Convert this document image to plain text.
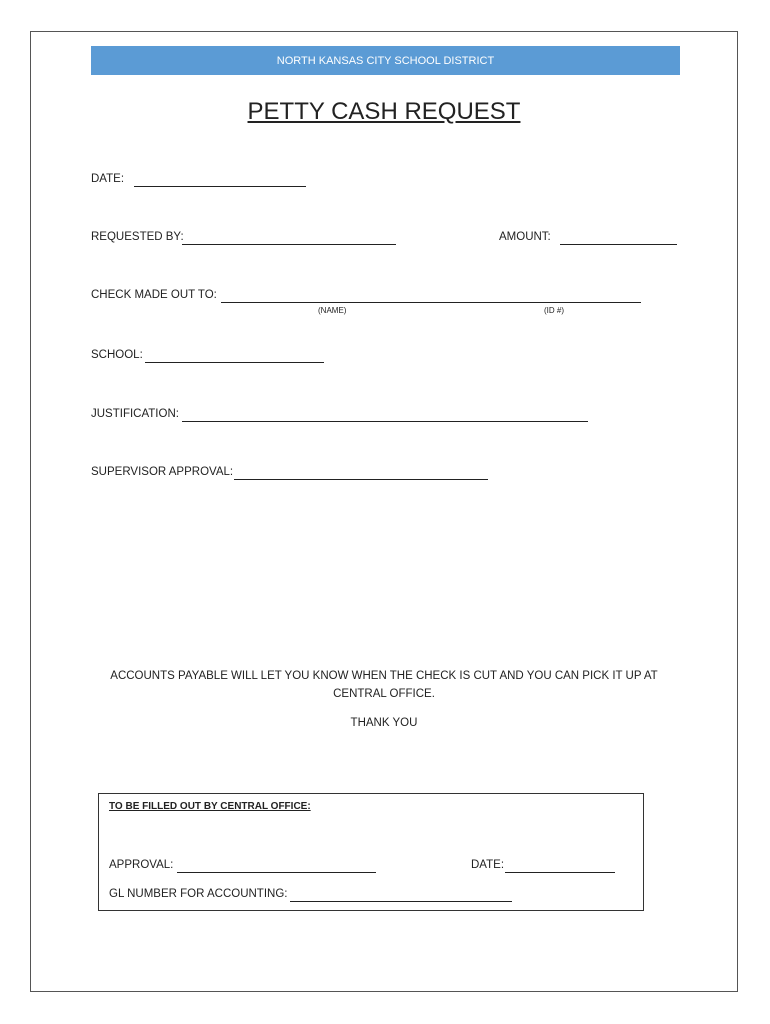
NORTH KANSAS CITY SCHOOL DISTRICT
PETTY CASH REQUEST
DATE:
REQUESTED BY:	AMOUNT:
CHECK MADE OUT TO:
(NAME)	(ID #)
SCHOOL:
JUSTIFICATION:
SUPERVISOR APPROVAL:
ACCOUNTS PAYABLE WILL LET YOU KNOW WHEN THE CHECK IS CUT AND YOU CAN PICK IT UP AT
CENTRAL OFFICE.
THANK YOU
TO BE FILLED OUT BY CENTRAL OFFICE:
APPROVAL:	DATE:
GL NUMBER FOR ACCOUNTING:
